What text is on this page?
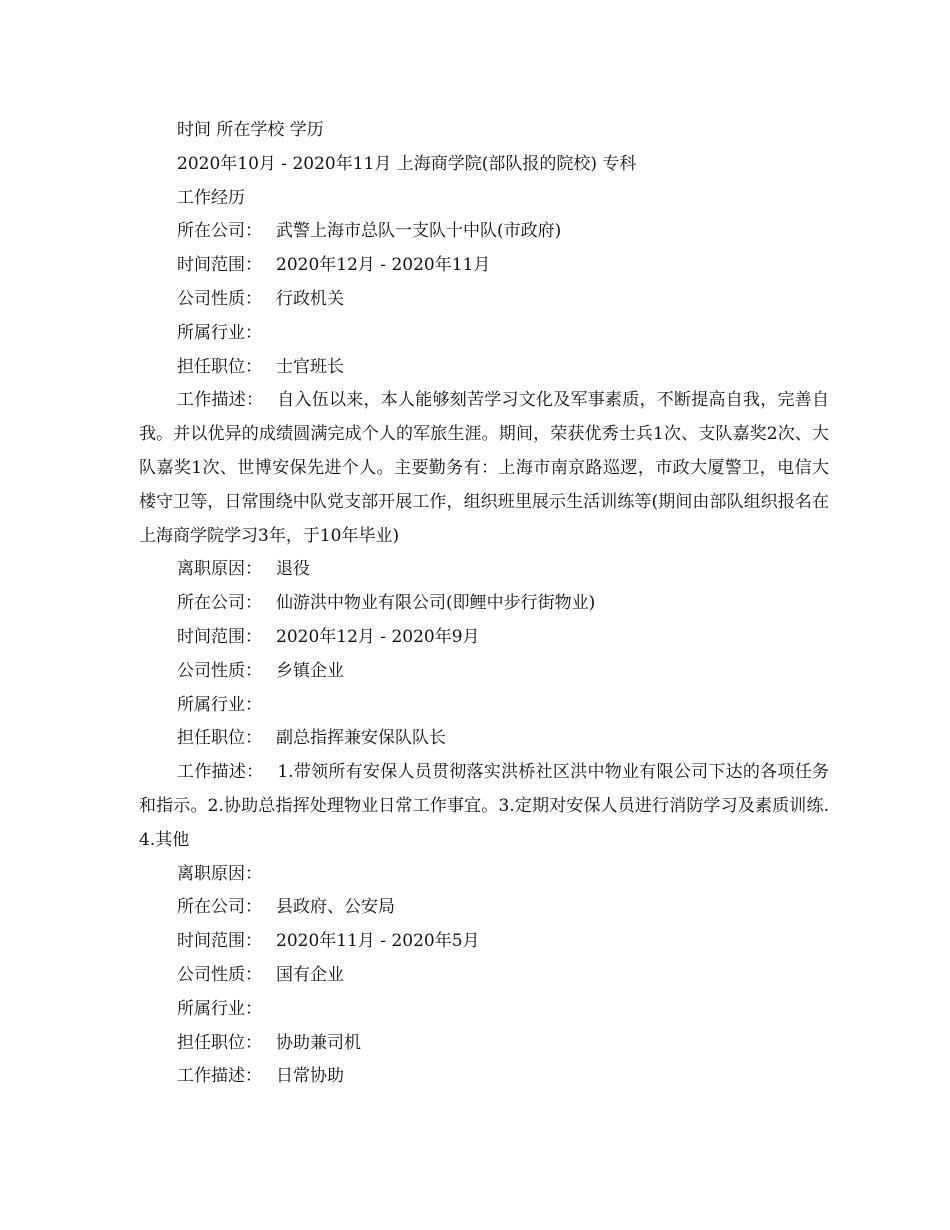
时间 所在学校 学历
2020年10月 - 2020年11月 上海商学院(部队报的院校) 专科
工作经历
所在公司： 武警上海市总队一支队十中队(市政府)
时间范围： 2020年12月 - 2020年11月
公司性质： 行政机关
所属行业：
担任职位： 士官班长

工作描述： 自入伍以来，本人能够刻苦学习文化及军事素质，不断提高自我，完善自我。并以优异的成绩圆满完成个人的军旅生涯。期间，荣获优秀士兵1次、支队嘉奖2次、大队嘉奖1次、世博安保先进个人。主要勤务有：上海市南京路巡逻，市政大厦警卫，电信大楼守卫等，日常围绕中队党支部开展工作，组织班里展示生活训练等(期间由部队组织报名在上海商学院学习3年，于10年毕业)

离职原因： 退役
所在公司： 仙游洪中物业有限公司(即鲤中步行街物业)
时间范围： 2020年12月 - 2020年9月
公司性质： 乡镇企业
所属行业：
担任职位： 副总指挥兼安保队队长

工作描述： 1.带领所有安保人员贯彻落实洪桥社区洪中物业有限公司下达的各项任务和指示。2.协助总指挥处理物业日常工作事宜。3.定期对安保人员进行消防学习及素质训练.4.其他

离职原因：
所在公司： 县政府、公安局
时间范围： 2020年11月 - 2020年5月
公司性质： 国有企业
所属行业：
担任职位： 协助兼司机
工作描述： 日常协助
